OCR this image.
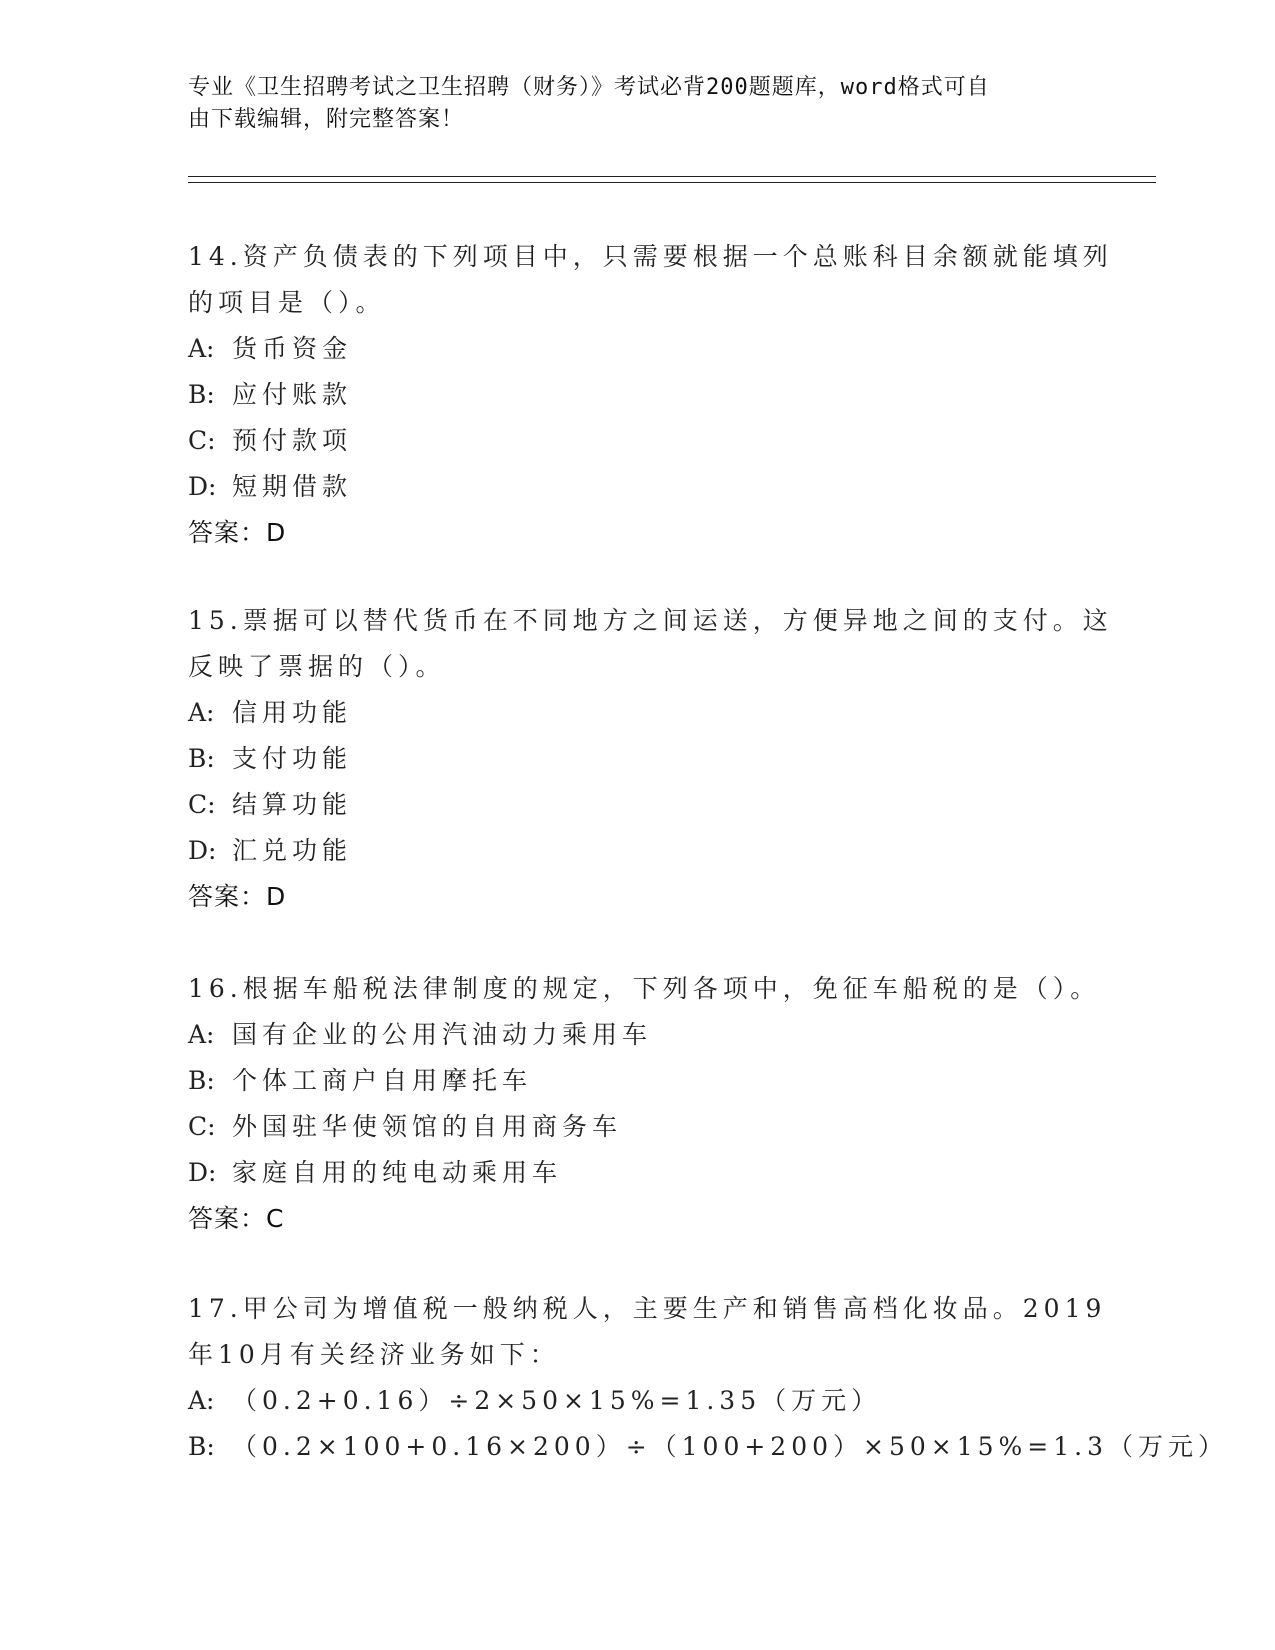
专业《卫生招聘考试之卫生招聘（财务）》考试必背200题题库，word格式可自
由下载编辑，附完整答案！
14.资产负债表的下列项目中，只需要根据一个总账科目余额就能填列
的项目是（）。
A: 货币资金
B: 应付账款
C: 预付款项
D: 短期借款
答案：D
15.票据可以替代货币在不同地方之间运送，方便异地之间的支付。这
反映了票据的（）。
A: 信用功能
B: 支付功能
C: 结算功能
D: 汇兑功能
答案：D
16.根据车船税法律制度的规定，下列各项中，免征车船税的是（）。
A: 国有企业的公用汽油动力乘用车
B: 个体工商户自用摩托车
C: 外国驻华使领馆的自用商务车
D: 家庭自用的纯电动乘用车
答案：C
17.甲公司为增值税一般纳税人，主要生产和销售高档化妆品。2019
年10月有关经济业务如下：
A: （0.2+0.16）÷2×50×15%=1.35（万元）
B: （0.2×100+0.16×200）÷（100+200）×50×15%=1.3（万元）
